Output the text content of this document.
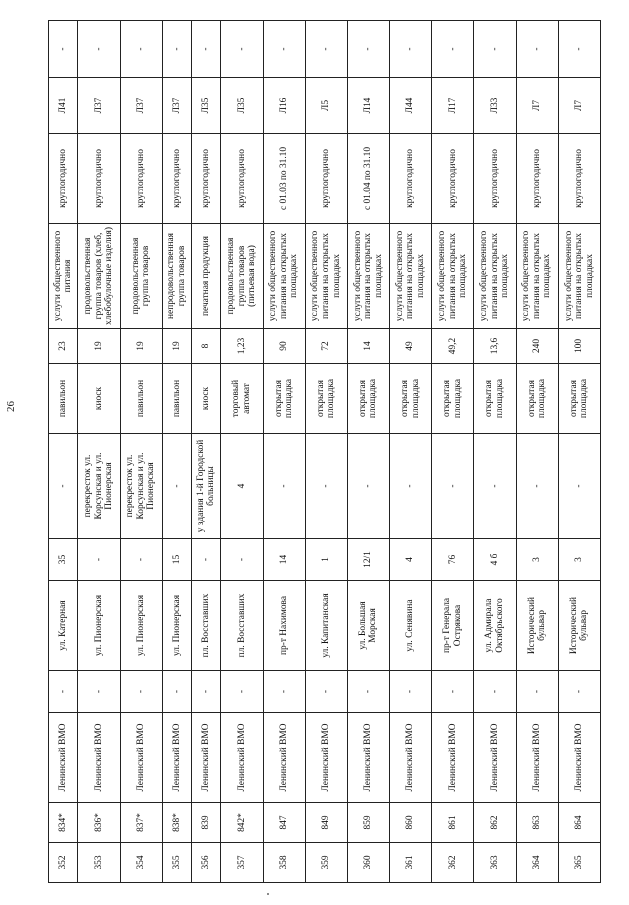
26
352	834*	Ленинский ВМО	-	ул. Катерная	35	-	павильон	23	услуги общественного питания	круглогодично	Л41	-
353	836*	Ленинский ВМО	-	ул. Пионерская	-	перекресток ул. Корсунская и ул. Пионерская	киоск	19	продовольственная группа товаров (хлеб, хлебобулочные изделия)	круглогодично	Л37	-
354	837*	Ленинский ВМО	-	ул. Пионерская	-	перекресток ул. Корсунская и ул. Пионерская	павильон	19	продовольственная группа товаров	круглогодично	Л37	-
355	838*	Ленинский ВМО	-	ул. Пионерская	15	-	павильон	19	непродовольственная группа товаров	круглогодично	Л37	-
356	839	Ленинский ВМО	-	пл. Восставших	-	у здания 1-й Городской больницы	киоск	8	печатная продукция	круглогодично	Л35	-
357	842*	Ленинский ВМО	-	пл. Восставших	-	4	торговый автомат	1,23	продовольственная группа товаров (питьевая вода)	круглогодично	Л35	-
358	847	Ленинский ВМО	-	пр-т Нахимова	14	-	открытая площадка	90	услуги общественного питания на открытых площадках	с 01.03 по 31.10	Л16	-
359	849	Ленинский ВМО	-	ул. Капитанская	1	-	открытая площадка	72	услуги общественного питания на открытых площадках	круглогодично	Л5	-
360	859	Ленинский ВМО	-	ул. Большая Морская	12/1	-	открытая площадка	14	услуги общественного питания на открытых площадках	с 01.04 по 31.10	Л14	-
361	860	Ленинский ВМО	-	ул. Сенявина	4	-	открытая площадка	49	услуги общественного питания на открытых площадках	круглогодично	Л44	-
362	861	Ленинский ВМО	-	пр-т Генерала Острякова	76	-	открытая площадка	49,2	услуги общественного питания на открытых площадках	круглогодично	Л17	-
363	862	Ленинский ВМО	-	ул. Адмирала Октябрьского	4 б	-	открытая площадка	13,6	услуги общественного питания на открытых площадках	круглогодично	Л33	-
364	863	Ленинский ВМО	-	Исторический бульвар	3	-	открытая площадка	240	услуги общественного питания на открытых площадках	круглогодично	Л7	-
365	864	Ленинский ВМО	-	Исторический бульвар	3	-	открытая площадка	100	услуги общественного питания на открытых площадках	круглогодично	Л7	-
